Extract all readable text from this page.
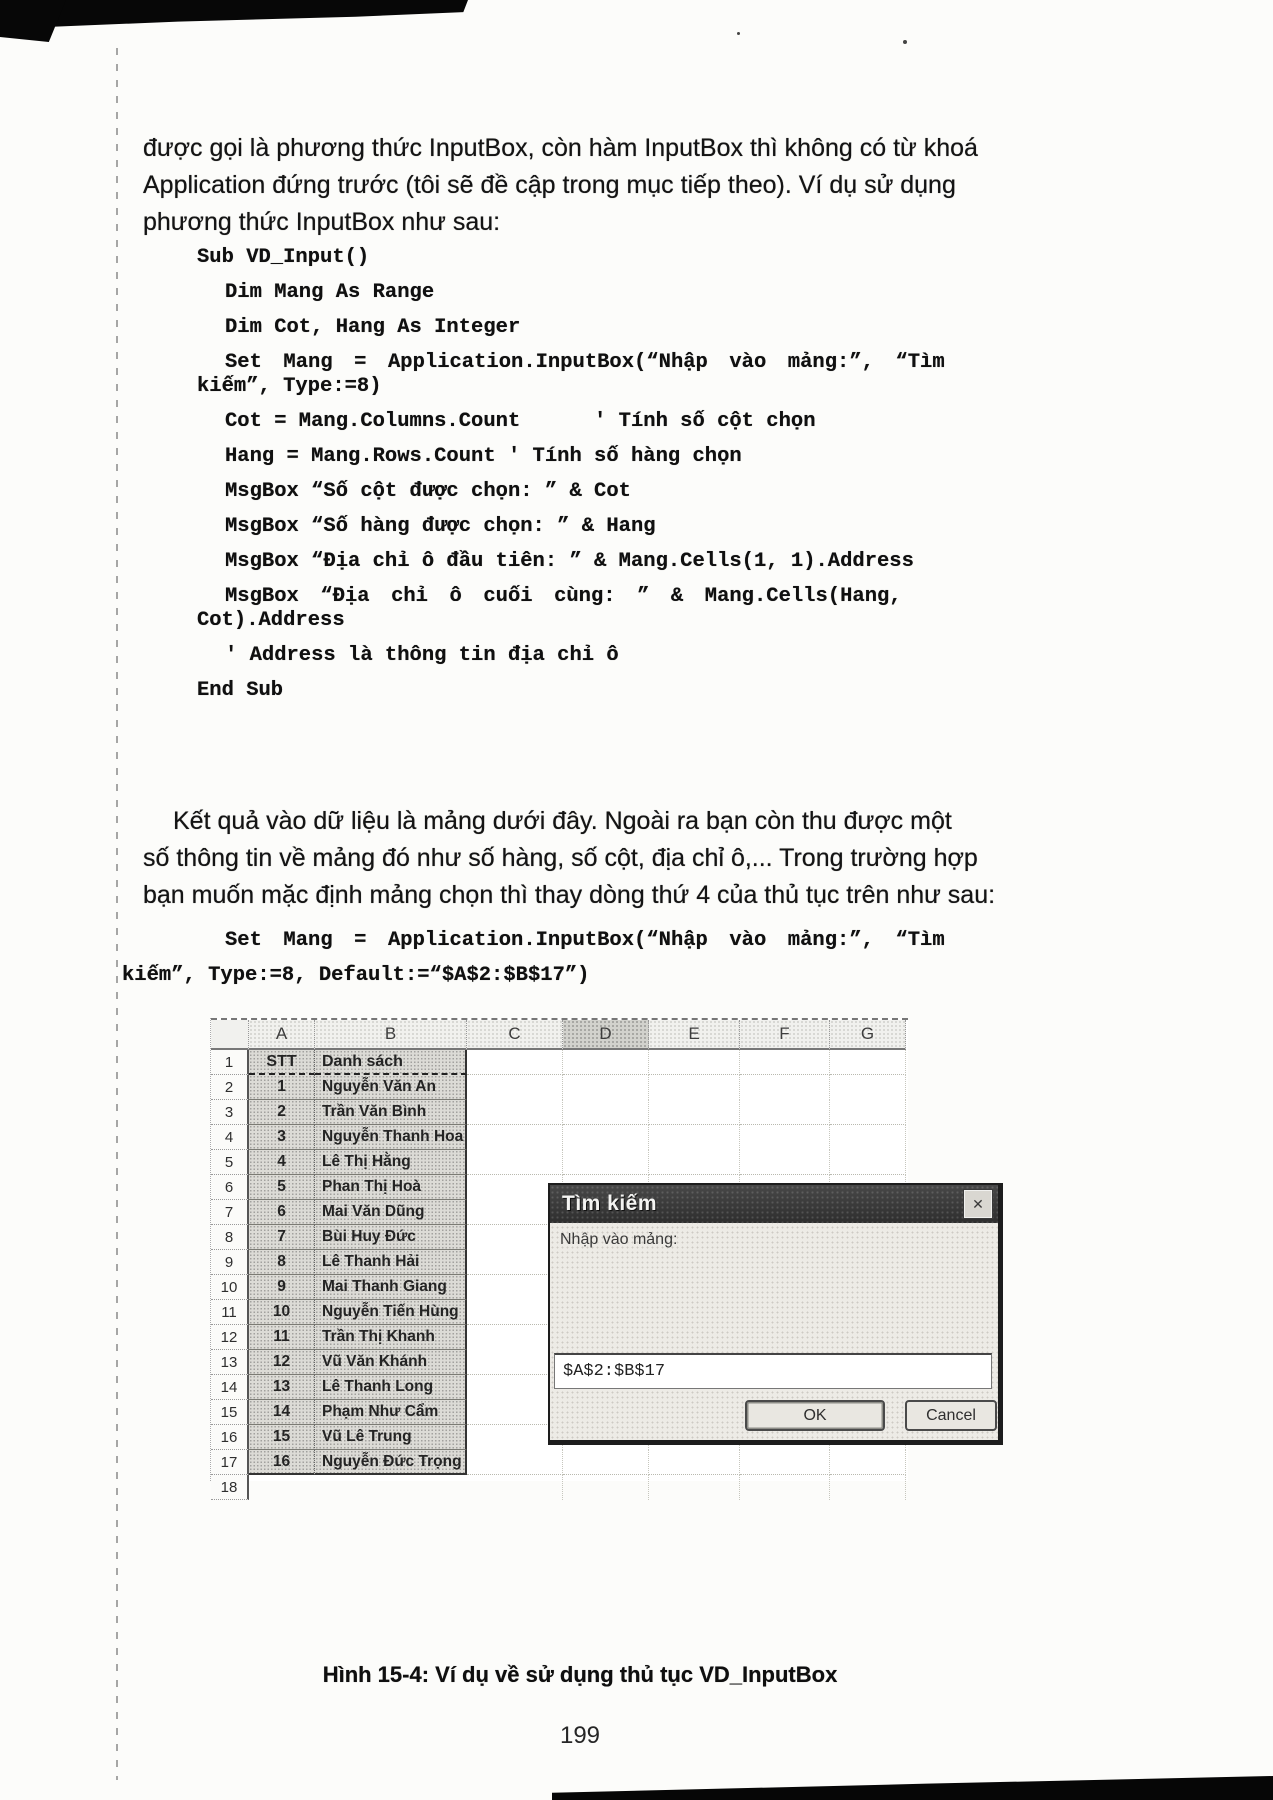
được gọi là phương thức InputBox, còn hàm InputBox thì không có từ khoá
Application đứng trước (tôi sẽ đề cập trong mục tiếp theo). Ví dụ sử dụng
phương thức InputBox như sau:
Sub VD_Input()
Dim Mang As Range
Dim Cot, Hang As Integer
Set Mang = Application.InputBox(“Nhập vào mảng:”, “Tìm
kiếm”, Type:=8)
Cot = Mang.Columns.Count      ' Tính số cột chọn
Hang = Mang.Rows.Count ' Tính số hàng chọn
MsgBox “Số cột được chọn: ” & Cot
MsgBox “Số hàng được chọn: ” & Hang
MsgBox “Địa chỉ ô đầu tiên: ” & Mang.Cells(1, 1).Address
MsgBox “Địa chỉ ô cuối cùng: ” & Mang.Cells(Hang,
Cot).Address
' Address là thông tin địa chỉ ô
End Sub
Kết quả vào dữ liệu là mảng dưới đây. Ngoài ra bạn còn thu được một
số thông tin về mảng đó như số hàng, số cột, địa chỉ ô,... Trong trường hợp
bạn muốn mặc định mảng chọn thì thay dòng thứ 4 của thủ tục trên như sau:
Set Mang = Application.InputBox(“Nhập vào mảng:”, “Tìm
kiếm”, Type:=8, Default:=“$A$2:$B$17”)
A	B	C	D	E	F	G
1	STT	Danh sách
2	1	Nguyễn Văn An
3	2	Trần Văn Bình
4	3	Nguyễn Thanh Hoa
5	4	Lê Thị Hằng
6	5	Phan Thị Hoà
7	6	Mai Văn Dũng
8	7	Bùi Huy Đức
9	8	Lê Thanh Hải
10	9	Mai Thanh Giang
11	10	Nguyễn Tiến Hùng
12	11	Trần Thị Khanh
13	12	Vũ Văn Khánh
14	13	Lê Thanh Long
15	14	Phạm Như Cẩm
16	15	Vũ Lê Trung
17	16	Nguyễn Đức Trọng
18
Tìm kiếm	✕
Nhập vào mảng:
$A$2:$B$17
OK	Cancel
Hình 15-4: Ví dụ về sử dụng thủ tục VD_InputBox
199
